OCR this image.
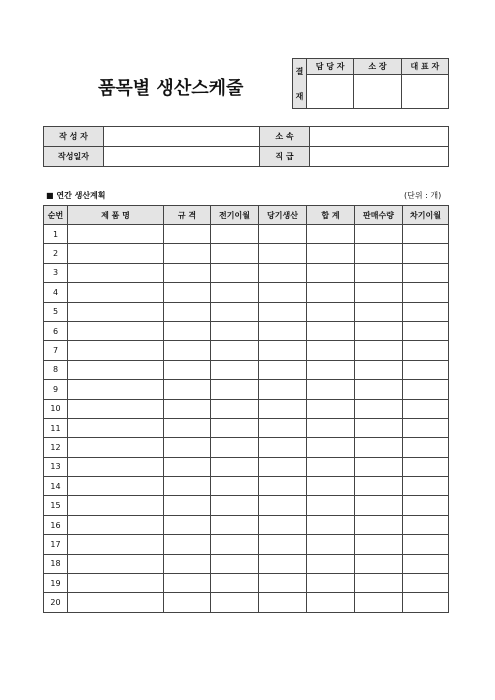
품목별 생산스케줄
결
재	담 당 자	소 장	대 표 자

작 성 자		소 속	
작성일자		직 급	
■ 연간 생산계획	(단위 : 개)
순번	제 품 명	규 격	전기이월	당기생산	합 계	판매수량	차기이월
1							
2							
3							
4							
5							
6							
7							
8							
9							
10							
11							
12							
13							
14							
15							
16							
17							
18							
19							
20							
